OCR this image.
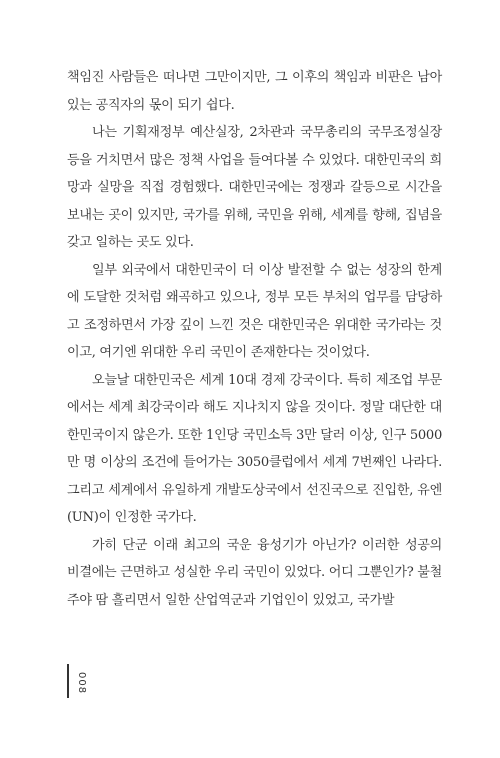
책임진 사람들은 떠나면 그만이지만, 그 이후의 책임과 비판은 남아있는 공직자의 몫이 되기 쉽다.

나는 기획재정부 예산실장, 2차관과 국무총리의 국무조정실장 등을 거치면서 많은 정책 사업을 들여다볼 수 있었다. 대한민국의 희망과 실망을 직접 경험했다. 대한민국에는 정쟁과 갈등으로 시간을 보내는 곳이 있지만, 국가를 위해, 국민을 위해, 세계를 향해, 집념을 갖고 일하는 곳도 있다.

일부 외국에서 대한민국이 더 이상 발전할 수 없는 성장의 한계에 도달한 것처럼 왜곡하고 있으나, 정부 모든 부처의 업무를 담당하고 조정하면서 가장 깊이 느낀 것은 대한민국은 위대한 국가라는 것이고, 여기엔 위대한 우리 국민이 존재한다는 것이었다.

오늘날 대한민국은 세계 10대 경제 강국이다. 특히 제조업 부문에서는 세계 최강국이라 해도 지나치지 않을 것이다. 정말 대단한 대한민국이지 않은가. 또한 1인당 국민소득 3만 달러 이상, 인구 5000만 명 이상의 조건에 들어가는 3050클럽에서 세계 7번째인 나라다. 그리고 세계에서 유일하게 개발도상국에서 선진국으로 진입한, 유엔(UN)이 인정한 국가다.

가히 단군 이래 최고의 국운 융성기가 아닌가? 이러한 성공의 비결에는 근면하고 성실한 우리 국민이 있었다. 어디 그뿐인가? 불철주야 땀 흘리면서 일한 산업역군과 기업인이 있었고, 국가발

008
